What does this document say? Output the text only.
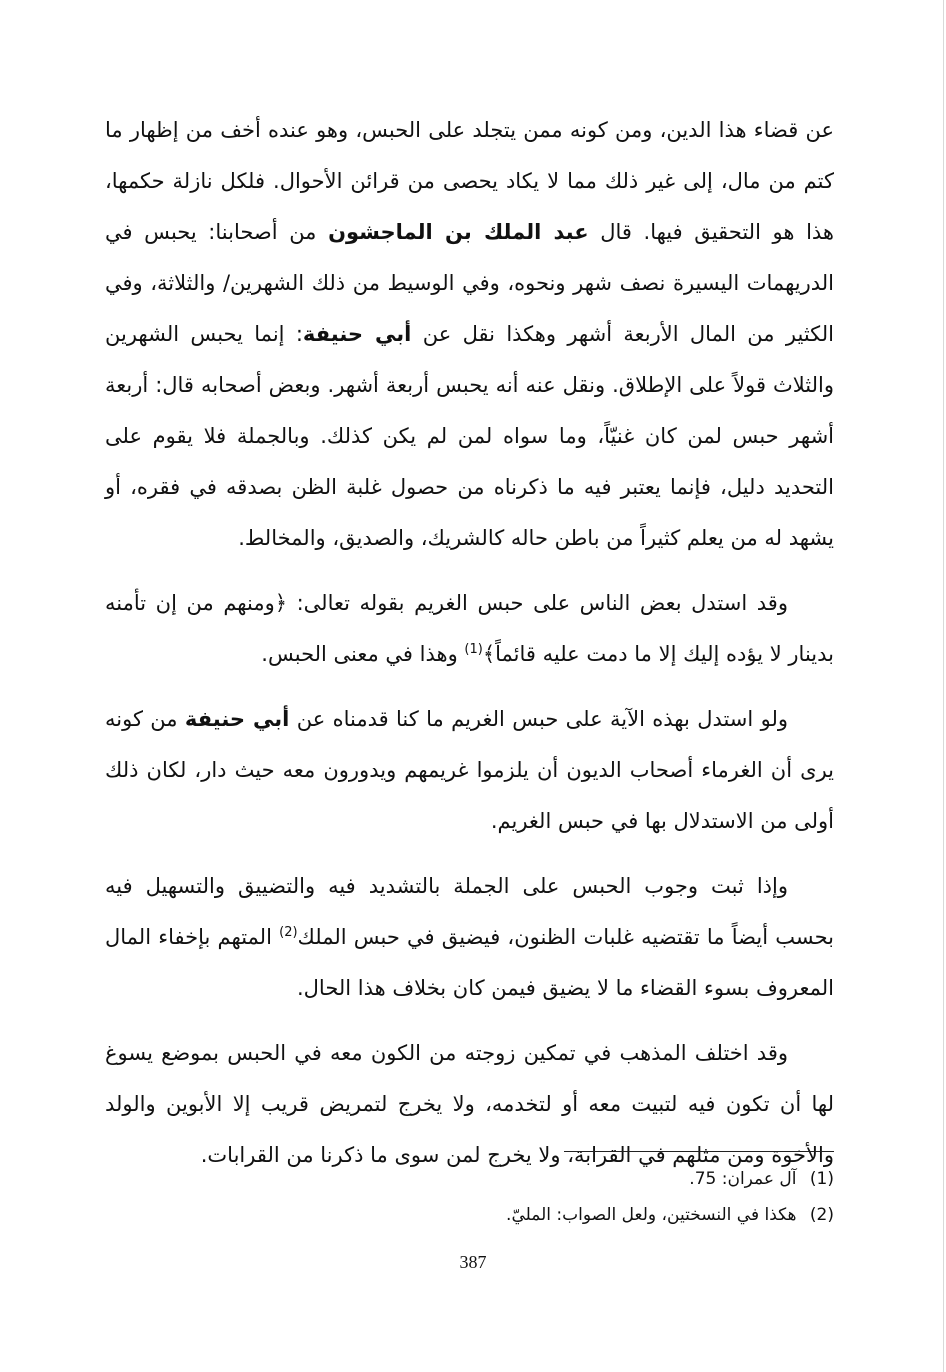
عن قضاء هذا الدين، ومن كونه ممن يتجلد على الحبس، وهو عنده أخف من إظهار ما كتم من مال، إلى غير ذلك مما لا يكاد يحصى من قرائن الأحوال. فلكل نازلة حكمها، هذا هو التحقيق فيها. قال عبد الملك بن الماجشون من أصحابنا: يحبس في الدريهمات اليسيرة نصف شهر ونحوه، وفي الوسيط من ذلك الشهرين/ والثلاثة، وفي الكثير من المال الأربعة أشهر وهكذا نقل عن أبي حنيفة: إنما يحبس الشهرين والثلاث قولاً على الإطلاق. ونقل عنه أنه يحبس أربعة أشهر. وبعض أصحابه قال: أربعة أشهر حبس لمن كان غنيّاً، وما سواه لمن لم يكن كذلك. وبالجملة فلا يقوم على التحديد دليل، فإنما يعتبر فيه ما ذكرناه من حصول غلبة الظن بصدقه في فقره، أو يشهد له من يعلم كثيراً من باطن حاله كالشريك، والصديق، والمخالط.

وقد استدل بعض الناس على حبس الغريم بقوله تعالى: ﴿ومنهم من إن تأمنه بدينار لا يؤده إليك إلا ما دمت عليه قائماً﴾$^{(1)}$ وهذا في معنى الحبس.

ولو استدل بهذه الآية على حبس الغريم ما كنا قدمناه عن أبي حنيفة من كونه يرى أن الغرماء أصحاب الديون أن يلزموا غريمهم ويدورون معه حيث دار، لكان ذلك أولى من الاستدلال بها في حبس الغريم.

وإذا ثبت وجوب الحبس على الجملة بالتشديد فيه والتضييق والتسهيل فيه بحسب أيضاً ما تقتضيه غلبات الظنون، فيضيق في حبس الملك$^{(2)}$ المتهم بإخفاء المال المعروف بسوء القضاء ما لا يضيق فيمن كان بخلاف هذا الحال.

وقد اختلف المذهب في تمكين زوجته من الكون معه في الحبس بموضع يسوغ لها أن تكون فيه لتبيت معه أو لتخدمه، ولا يخرج لتمريض قريب إلا الأبوين والولد والأخوة ومن مثلهم في القرابة، ولا يخرج لمن سوى ما ذكرنا من القرابات.

(1) آل عمران: 75.
(2) هكذا في النسختين، ولعل الصواب: المليّ.
387
